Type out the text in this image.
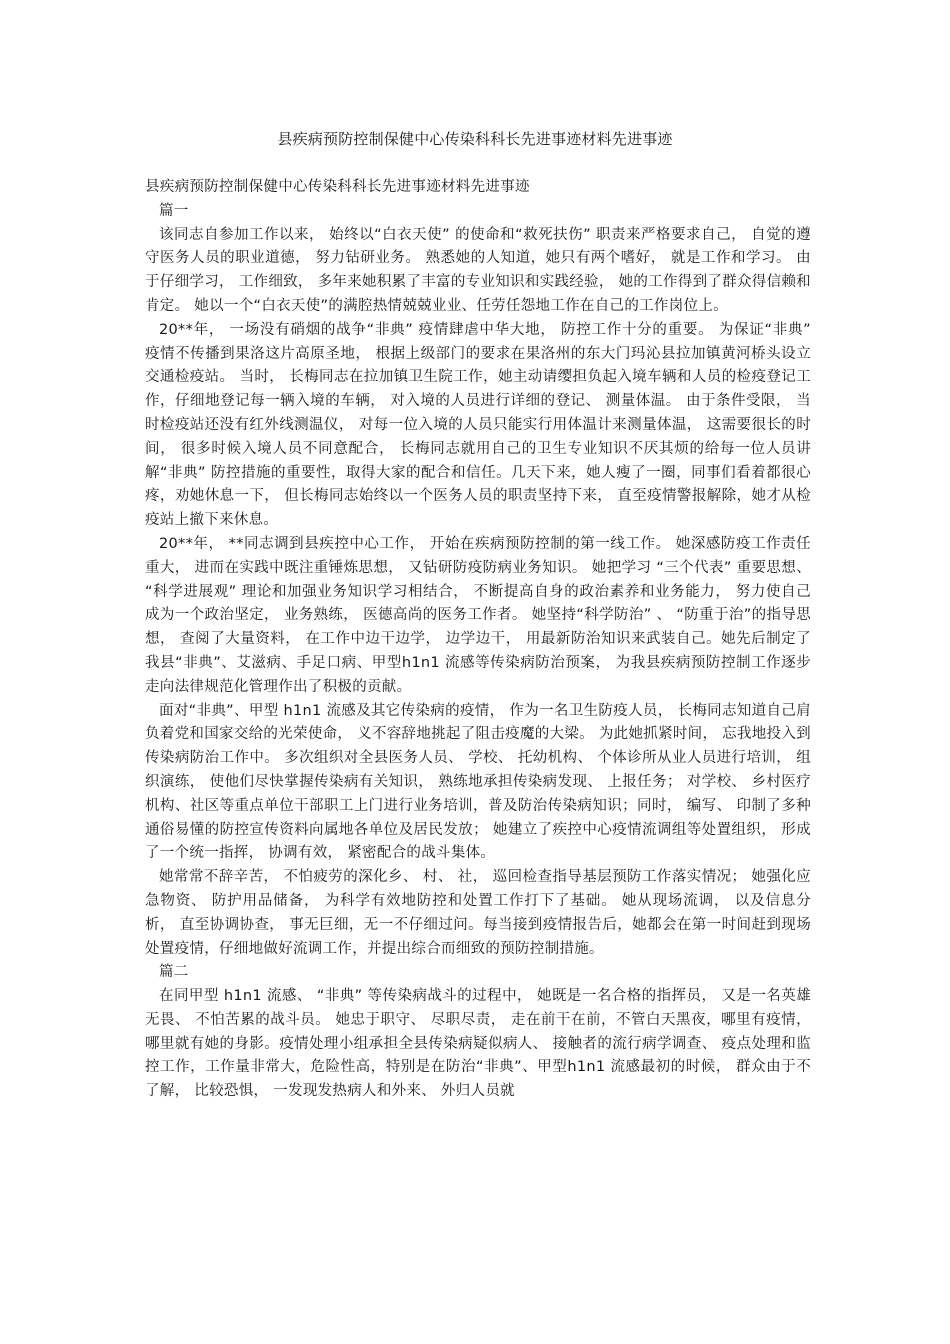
县疾病预防控制保健中心传染科科长先进事迹材料先进事迹

县疾病预防控制保健中心传染科科长先进事迹材料先进事迹

篇一

该同志自参加工作以来， 始终以“白衣天使” 的使命和“救死扶伤” 职责来严格要求自己， 自觉的遵守医务人员的职业道德， 努力钻研业务。 熟悉她的人知道，她只有两个嗜好， 就是工作和学习。 由于仔细学习， 工作细致， 多年来她积累了丰富的专业知识和实践经验， 她的工作得到了群众得信赖和肯定。 她以一个“白衣天使”的满腔热情兢兢业业、任劳任怨地工作在自己的工作岗位上。

20**年， 一场没有硝烟的战争“非典” 疫情肆虐中华大地， 防控工作十分的重要。 为保证“非典” 疫情不传播到果洛这片高原圣地， 根据上级部门的要求在果洛州的东大门玛沁县拉加镇黄河桥头设立交通检疫站。 当时， 长梅同志在拉加镇卫生院工作，她主动请缨担负起入境车辆和人员的检疫登记工作，仔细地登记每一辆入境的车辆， 对入境的人员进行详细的登记、 测量体温。 由于条件受限， 当时检疫站还没有红外线测温仪， 对每一位入境的人员只能实行用体温计来测量体温， 这需要很长的时间， 很多时候入境人员不同意配合， 长梅同志就用自己的卫生专业知识不厌其烦的给每一位人员讲解“非典” 防控措施的重要性，取得大家的配合和信任。几天下来，她人瘦了一圈，同事们看着都很心疼，劝她休息一下， 但长梅同志始终以一个医务人员的职责坚持下来， 直至疫情警报解除，她才从检疫站上撤下来休息。

20**年， **同志调到县疾控中心工作， 开始在疾病预防控制的第一线工作。 她深感防疫工作责任重大， 进而在实践中既注重锤炼思想， 又钻研防疫防病业务知识。 她把学习 “三个代表” 重要思想、 “科学进展观” 理论和加强业务知识学习相结合， 不断提高自身的政治素养和业务能力， 努力使自己成为一个政治坚定， 业务熟练， 医德高尚的医务工作者。 她坚持“科学防治” 、 “防重于治”的指导思想， 查阅了大量资料， 在工作中边干边学， 边学边干， 用最新防治知识来武装自己。她先后制定了我县“非典”、艾滋病、手足口病、甲型h1n1 流感等传染病防治预案， 为我县疾病预防控制工作逐步走向法律规范化管理作出了积极的贡献。

面对“非典”、甲型 h1n1 流感及其它传染病的疫情， 作为一名卫生防疫人员， 长梅同志知道自己肩负着党和国家交给的光荣使命， 义不容辞地挑起了阻击疫魔的大梁。 为此她抓紧时间， 忘我地投入到传染病防治工作中。 多次组织对全县医务人员、 学校、 托幼机构、 个体诊所从业人员进行培训， 组织演练， 使他们尽快掌握传染病有关知识， 熟练地承担传染病发现、 上报任务； 对学校、 乡村医疗机构、社区等重点单位干部职工上门进行业务培训，普及防治传染病知识；同时， 编写、 印制了多种通俗易懂的防控宣传资料向属地各单位及居民发放； 她建立了疾控中心疫情流调组等处置组织， 形成了一个统一指挥， 协调有效， 紧密配合的战斗集体。

她常常不辞辛苦， 不怕疲劳的深化乡、 村、 社， 巡回检查指导基层预防工作落实情况； 她强化应急物资、 防护用品储备， 为科学有效地防控和处置工作打下了基础。 她从现场流调， 以及信息分析， 直至协调协查， 事无巨细，无一不仔细过问。每当接到疫情报告后，她都会在第一时间赶到现场处置疫情，仔细地做好流调工作，并提出综合而细致的预防控制措施。

篇二

在同甲型 h1n1 流感、 “非典” 等传染病战斗的过程中， 她既是一名合格的指挥员， 又是一名英雄无畏、 不怕苦累的战斗员。 她忠于职守、 尽职尽责， 走在前干在前，不管白天黑夜，哪里有疫情，哪里就有她的身影。疫情处理小组承担全县传染病疑似病人、 接触者的流行病学调查、 疫点处理和监控工作，工作量非常大，危险性高，特别是在防治“非典”、甲型h1n1 流感最初的时候， 群众由于不了解， 比较恐惧， 一发现发热病人和外来、 外归人员就
